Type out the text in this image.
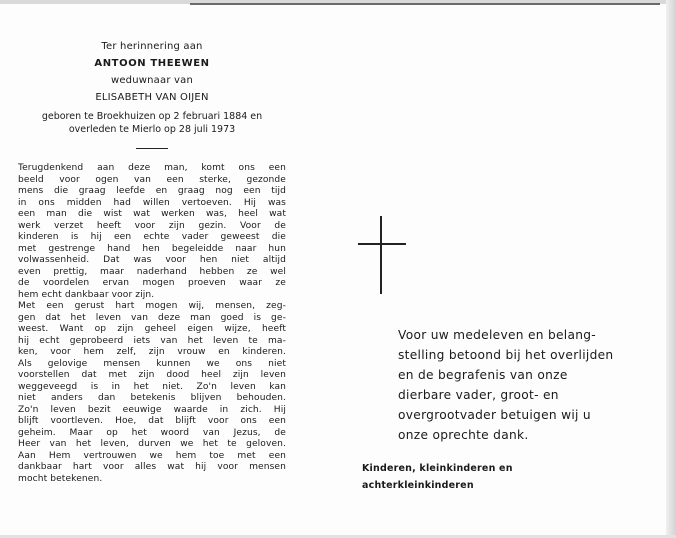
Ter herinnering aan
ANTOON THEEWEN
weduwnaar van
ELISABETH VAN OIJEN
geboren te Broekhuizen op 2 februari 1884 en
overleden te Mierlo op 28 juli 1973
Terugdenkend aan deze man, komt ons een
beeld voor ogen van een sterke, gezonde
mens die graag leefde en graag nog een tijd
in ons midden had willen vertoeven. Hij was
een man die wist wat werken was, heel wat
werk verzet heeft voor zijn gezin. Voor de
kinderen is hij een echte vader geweest die
met gestrenge hand hen begeleidde naar hun
volwassenheid. Dat was voor hen niet altijd
even prettig, maar naderhand hebben ze wel
de voordelen ervan mogen proeven waar ze
hem echt dankbaar voor zijn.
Met een gerust hart mogen wij, mensen, zeg-
gen dat het leven van deze man goed is ge-
weest. Want op zijn geheel eigen wijze, heeft
hij echt geprobeerd iets van het leven te ma-
ken, voor hem zelf, zijn vrouw en kinderen.
Als gelovige mensen kunnen we ons niet
voorstellen dat met zijn dood heel zijn leven
weggeveegd is in het niet. Zo'n leven kan
niet anders dan betekenis blijven behouden.
Zo'n leven bezit eeuwige waarde in zich. Hij
blijft voortleven. Hoe, dat blijft voor ons een
geheim. Maar op het woord van Jezus, de
Heer van het leven, durven we het te geloven.
Aan Hem vertrouwen we hem toe met een
dankbaar hart voor alles wat hij voor mensen
mocht betekenen.
Voor uw medeleven en belang-
stelling betoond bij het overlijden
en de begrafenis van onze
dierbare vader, groot- en
overgrootvader betuigen wij u
onze oprechte dank.
Kinderen, kleinkinderen en
achterkleinkinderen
